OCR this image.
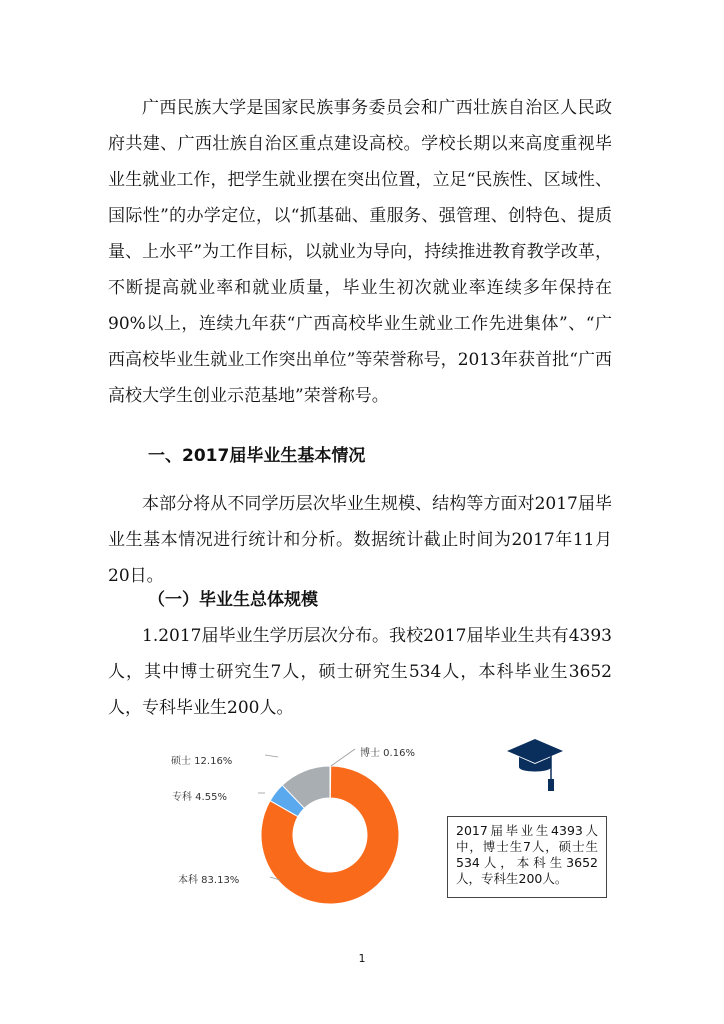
广西民族大学是国家民族事务委员会和广西壮族自治区人民政府共建、广西壮族自治区重点建设高校。学校长期以来高度重视毕业生就业工作，把学生就业摆在突出位置，立足“民族性、区域性、国际性”的办学定位，以“抓基础、重服务、强管理、创特色、提质量、上水平”为工作目标，以就业为导向，持续推进教育教学改革，不断提高就业率和就业质量，毕业生初次就业率连续多年保持在90%以上，连续九年获“广西高校毕业生就业工作先进集体”、“广西高校毕业生就业工作突出单位”等荣誉称号，2013年获首批“广西高校大学生创业示范基地”荣誉称号。

一、2017届毕业生基本情况

本部分将从不同学历层次毕业生规模、结构等方面对2017届毕业生基本情况进行统计和分析。数据统计截止时间为2017年11月20日。

（一）毕业生总体规模

1.2017届毕业生学历层次分布。我校2017届毕业生共有4393人，其中博士研究生7人，硕士研究生534人，本科毕业生3652人，专科毕业生200人。

本科 83.13%
专科 4.55%
硕士 12.16%
博士 0.16%
2017届毕业生4393人中，博士生7人，硕士生534人，本科生3652人，专科生200人。
1
